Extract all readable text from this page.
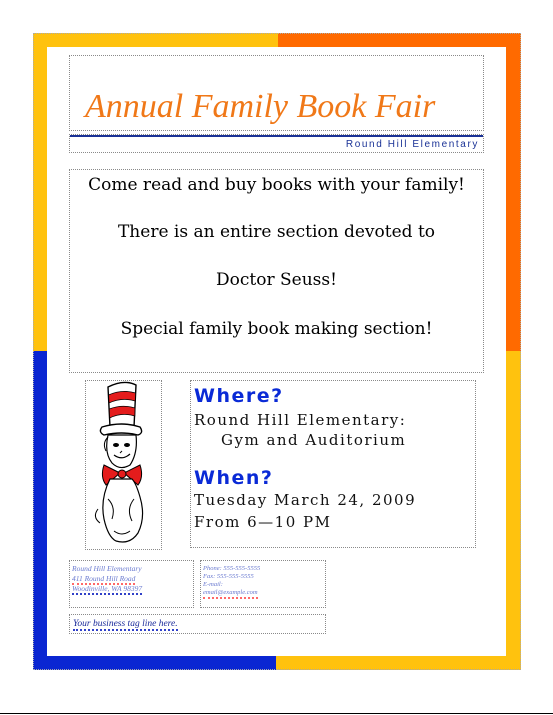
Annual Family Book Fair
Round Hill Elementary
Come read and buy books with your family!
There is an entire section devoted to
Doctor Seuss!
Special family book making section!
Where?
Round Hill Elementary:
Gym and Auditorium
When?
Tuesday March 24, 2009
From 6—10 PM
Round Hill Elementary
411 Round Hill Road
Woodinville, WA 98397
Phone: 555-555-5555
Fax: 555-555-5555
E-mail:
email@example.com
Your business tag line here.
